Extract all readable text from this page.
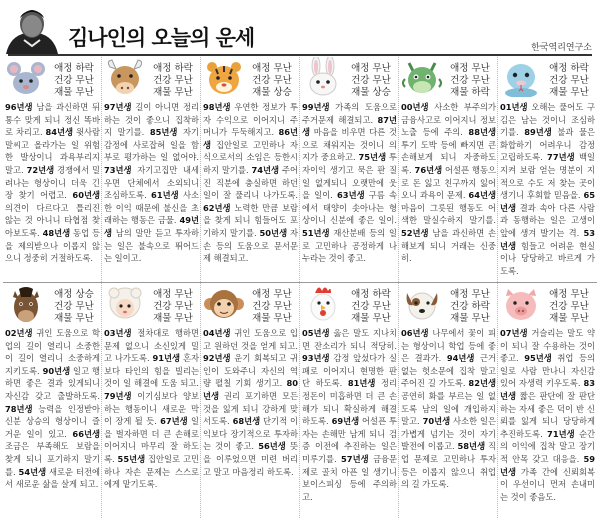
김나인의 오늘의 운세	한국역리연구소
애정 하락
건강 무난
재물 무난
96년생 남을 과신하면 뒤통수 맞게 되니 정신 똑바로 차리고. 84년생 윗사람 말씨고 올라가는 일 위험한 발상이니 과욕부리지 말고. 72년생 경쟁에서 밀려나는 형상이니 더욱 긴장 찾기 어렵고. 60년생 의견이 다르다고 틀리진 않는 것 아니니 타협점 찾아보도록. 48년생 동업 등을 제의받으나 이롭지 않으니 정중히 거절하도록.
애정 하락
건강 무난
재물 무난
97년생 길이 아니면 정리하는 것이 좋으니 집착하지 말기를. 85년생 자기 감정에 사로잡혀 일을 함부로 평가하는 일 없어야. 73년생 자기고집만 내세우면 단체에서 소외되니 조심하도록. 61년생 사소한 이익 때문에 불신을 초래하는 행동은 금물. 49년생 남의 말만 듣고 투자하는 일은 불속으로 뛰어드는 일이고.
애정 무난
건강 무난
재물 상승
98년생 우연한 정보가 투자 수익으로 이어지니 주머니가 두둑해지고. 86년생 집안일로 고민하나 자식으로서의 소임은 등한시 하지 말기를. 74년생 주어진 직분에 충실하면 하던 일이 잘 풀리니 나가도록. 62년생 노력한 만큼 보람을 찾게 되니 힘들어도 포기하지 말기를. 50년생 자손 등의 도움으로 문서문제 해결되고.
애정 무난
건강 무난
재물 상승
99년생 가족의 도움으로 주거문제 해결되고. 87년생 마음을 비우면 다른 것으로 채워지는 것이니 의지가 중요하고. 75년생 투자이익 생기고 묵은 판 질 일 없게되니 오랫만에 웃을 일이. 63년생 구름 속에서 태양이 솟아나는 형상이니 신분에 좋은 일이. 51년생 재산분배 등의 일로 고민하나 공정하게 나누라는 것이 좋고.
애정 무난
건강 무난
재물 하락
00년생 사소한 부주의가 금융사고로 이어지니 정보 노출 등에 주의. 88년생 투기 도박 등에 빠지면 큰 손해보게 되니 자중하도록. 76년생 어설픈 행동으로 돈 잃고 친구까지 잃어 오니 과욕이 문제. 64년생 마음이 그릇된 행동도 어색한 말실수하지 말기를. 52년생 남을 과신하면 손해보게 되니 거래는 신중히.
애정 하락
건강 무난
재물 무난
01년생 오해는 풀어도 구김은 남는 것이니 조심하기를. 89년생 불과 물은 화합하기 어려우니 감정 고립하도록. 77년생 백일지켜 보람 얻는 명분이 지적으로 수도 저 찾는 곳이 생기니 후회할 믿음을. 65년생 결과 속아 다른 사람과 동행하는 일은 고생이 앞에 생겨 발기는 격. 53년생 힘들고 어려운 현실이나 당당하고 바르게 가도록.
애정 상승
건강 무난
재물 무난
02년생 귀인 도움으로 학업의 길이 열리니 소중한 이 길이 열리니 소중하게 지키도록. 90년생 일고 행하면 좋은 결과 있게되니 자신감 갖고 출발하도록. 78년생 능력을 인정받아 신분 상승의 형상이니 즐거운 일이 있고. 66년생 조금은 부족해도 보람을 찾게 되니 포기하지 말기를. 54년생 새로운 터전에서 새로운 삶을 살게 되고.
애정 무난
건강 무난
재물 무난
03년생 절차대로 행하면 문제 없으니 소신있게 밀고 나가도록. 91년생 혼자보다 타인의 힘을 빌리는 것이 일 해결에 도움 되고. 79년생 이기심보다 양보하는 행동이니 새로운 막이 장게 될 듯. 67년생 일을 벌자하면 더 큰 손해로 이어지니 마무리 잘 하도록. 55년생 집안일로 고민하나 자손 문제는 스스로에게 맡기도록.
애정 무난
건강 무난
재물 무난
04년생 귀인 도움으로 입고 원하던 것을 얻게 되고. 92년생 운기 회복되고 귀인이 도와주니 자신의 역량 펼칠 기회 생기고. 80년생 권리 포기하면 모든 것을 잃게 되니 강하게 맞서도록. 68년생 단기적 이익보다 장기적으로 투자하는 것이 좋고. 56년생 뜻을 이루었으면 미련 버리고 말고 마음정리 하도록.
애정 하락
건강 무난
재물 무난
05년생 옳은 말도 지나치면 잔소리가 되니 적당히. 93년생 감정 앞섰다가 실패로 이어지니 현명한 판단 하도록. 81년생 정리 정돈이 미흡하면 더 큰 손해가 되니 확실하게 해결하도록. 69년생 어설픈 투자는 손해만 남게 되니 검증 이전에 추진하는 일은 미루기를. 57년생 금융문제로 골치 아픈 일 생기니 보이스피싱 등에 주의하고.
애정 무난
건강 하락
재물 무난
06년생 나무에서 꽃이 피는 형상이니 학업 등에 좋은 결과가. 94년생 근거 없는 헛소문에 집착 말고 주어진 길 가도록. 82년생 공연히 화를 부르는 일 없도록 남의 일에 개입하지 말고. 70년생 사소한 일은 가볍게 넘기는 것이 자기발전에 이롭고. 58년생 직업 문제로 고민하나 투자 등은 이롭지 않으니 취업의 길 가도록.
애정 무난
건강 무난
재물 무난
07년생 거슬리는 말도 약이 되니 잘 수용하는 것이 좋고. 95년생 취업 등의 일로 사람 만나니 자신감 있어 자생력 키우도록. 83년생 짧은 판단에 잘 판단하는 자세 좋은 덕이 반 신뢰를 잃게 되니 당당하게 추진하도록. 71년생 순간의 이익에 집착 말고 장기적 안목 갖고 대응을. 59년생 가족 간에 신뢰회복이 우선이니 먼저 손내미는 것이 좋음도.
